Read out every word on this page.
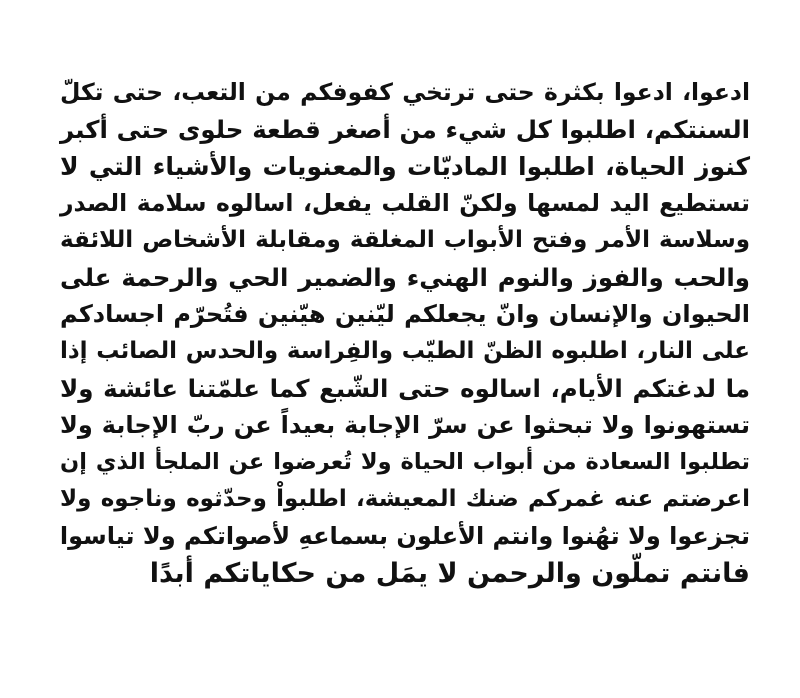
ادعوا، ادعوا بكثرة حتى ترتخي كفوفكم من التعب، حتى تكلّ
السنتكم، اطلبوا كل شيء من أصغر قطعة حلوى حتى أكبر
كنوز الحياة، اطلبوا الماديّات والمعنويات والأشياء التي لا
تستطيع اليد لمسها ولكنّ القلب يفعل، اسالوه سلامة الصدر
وسلاسة الأمر وفتح الأبواب المغلقة ومقابلة الأشخاص اللائقة
والحب والفوز والنوم الهنيء والضمير الحي والرحمة على
الحيوان والإنسان وانّ يجعلكم ليّنين هيّنين فتُحرّم اجسادكم
على النار، اطلبوه الظنّ الطيّب والفِراسة والحدس الصائب إذا
ما لدغتكم الأيام، اسالوه حتى الشّبع كما علمّتنا عائشة ولا
تستهونوا ولا تبحثوا عن سرّ الإجابة بعيداً عن ربّ الإجابة ولا
تطلبوا السعادة من أبواب الحياة ولا تُعرضوا عن الملجأ الذي إن
اعرضتم عنه غمركم ضنك المعيشة، اطلبواْ وحدّثوه وناجوه ولا
تجزعوا ولا تهُنوا وانتم الأعلون بسماعهِ لأصواتكم ولا تياسوا
فانتم تملّون والرحمن لا يمَل من حكاياتكم أبدًا
